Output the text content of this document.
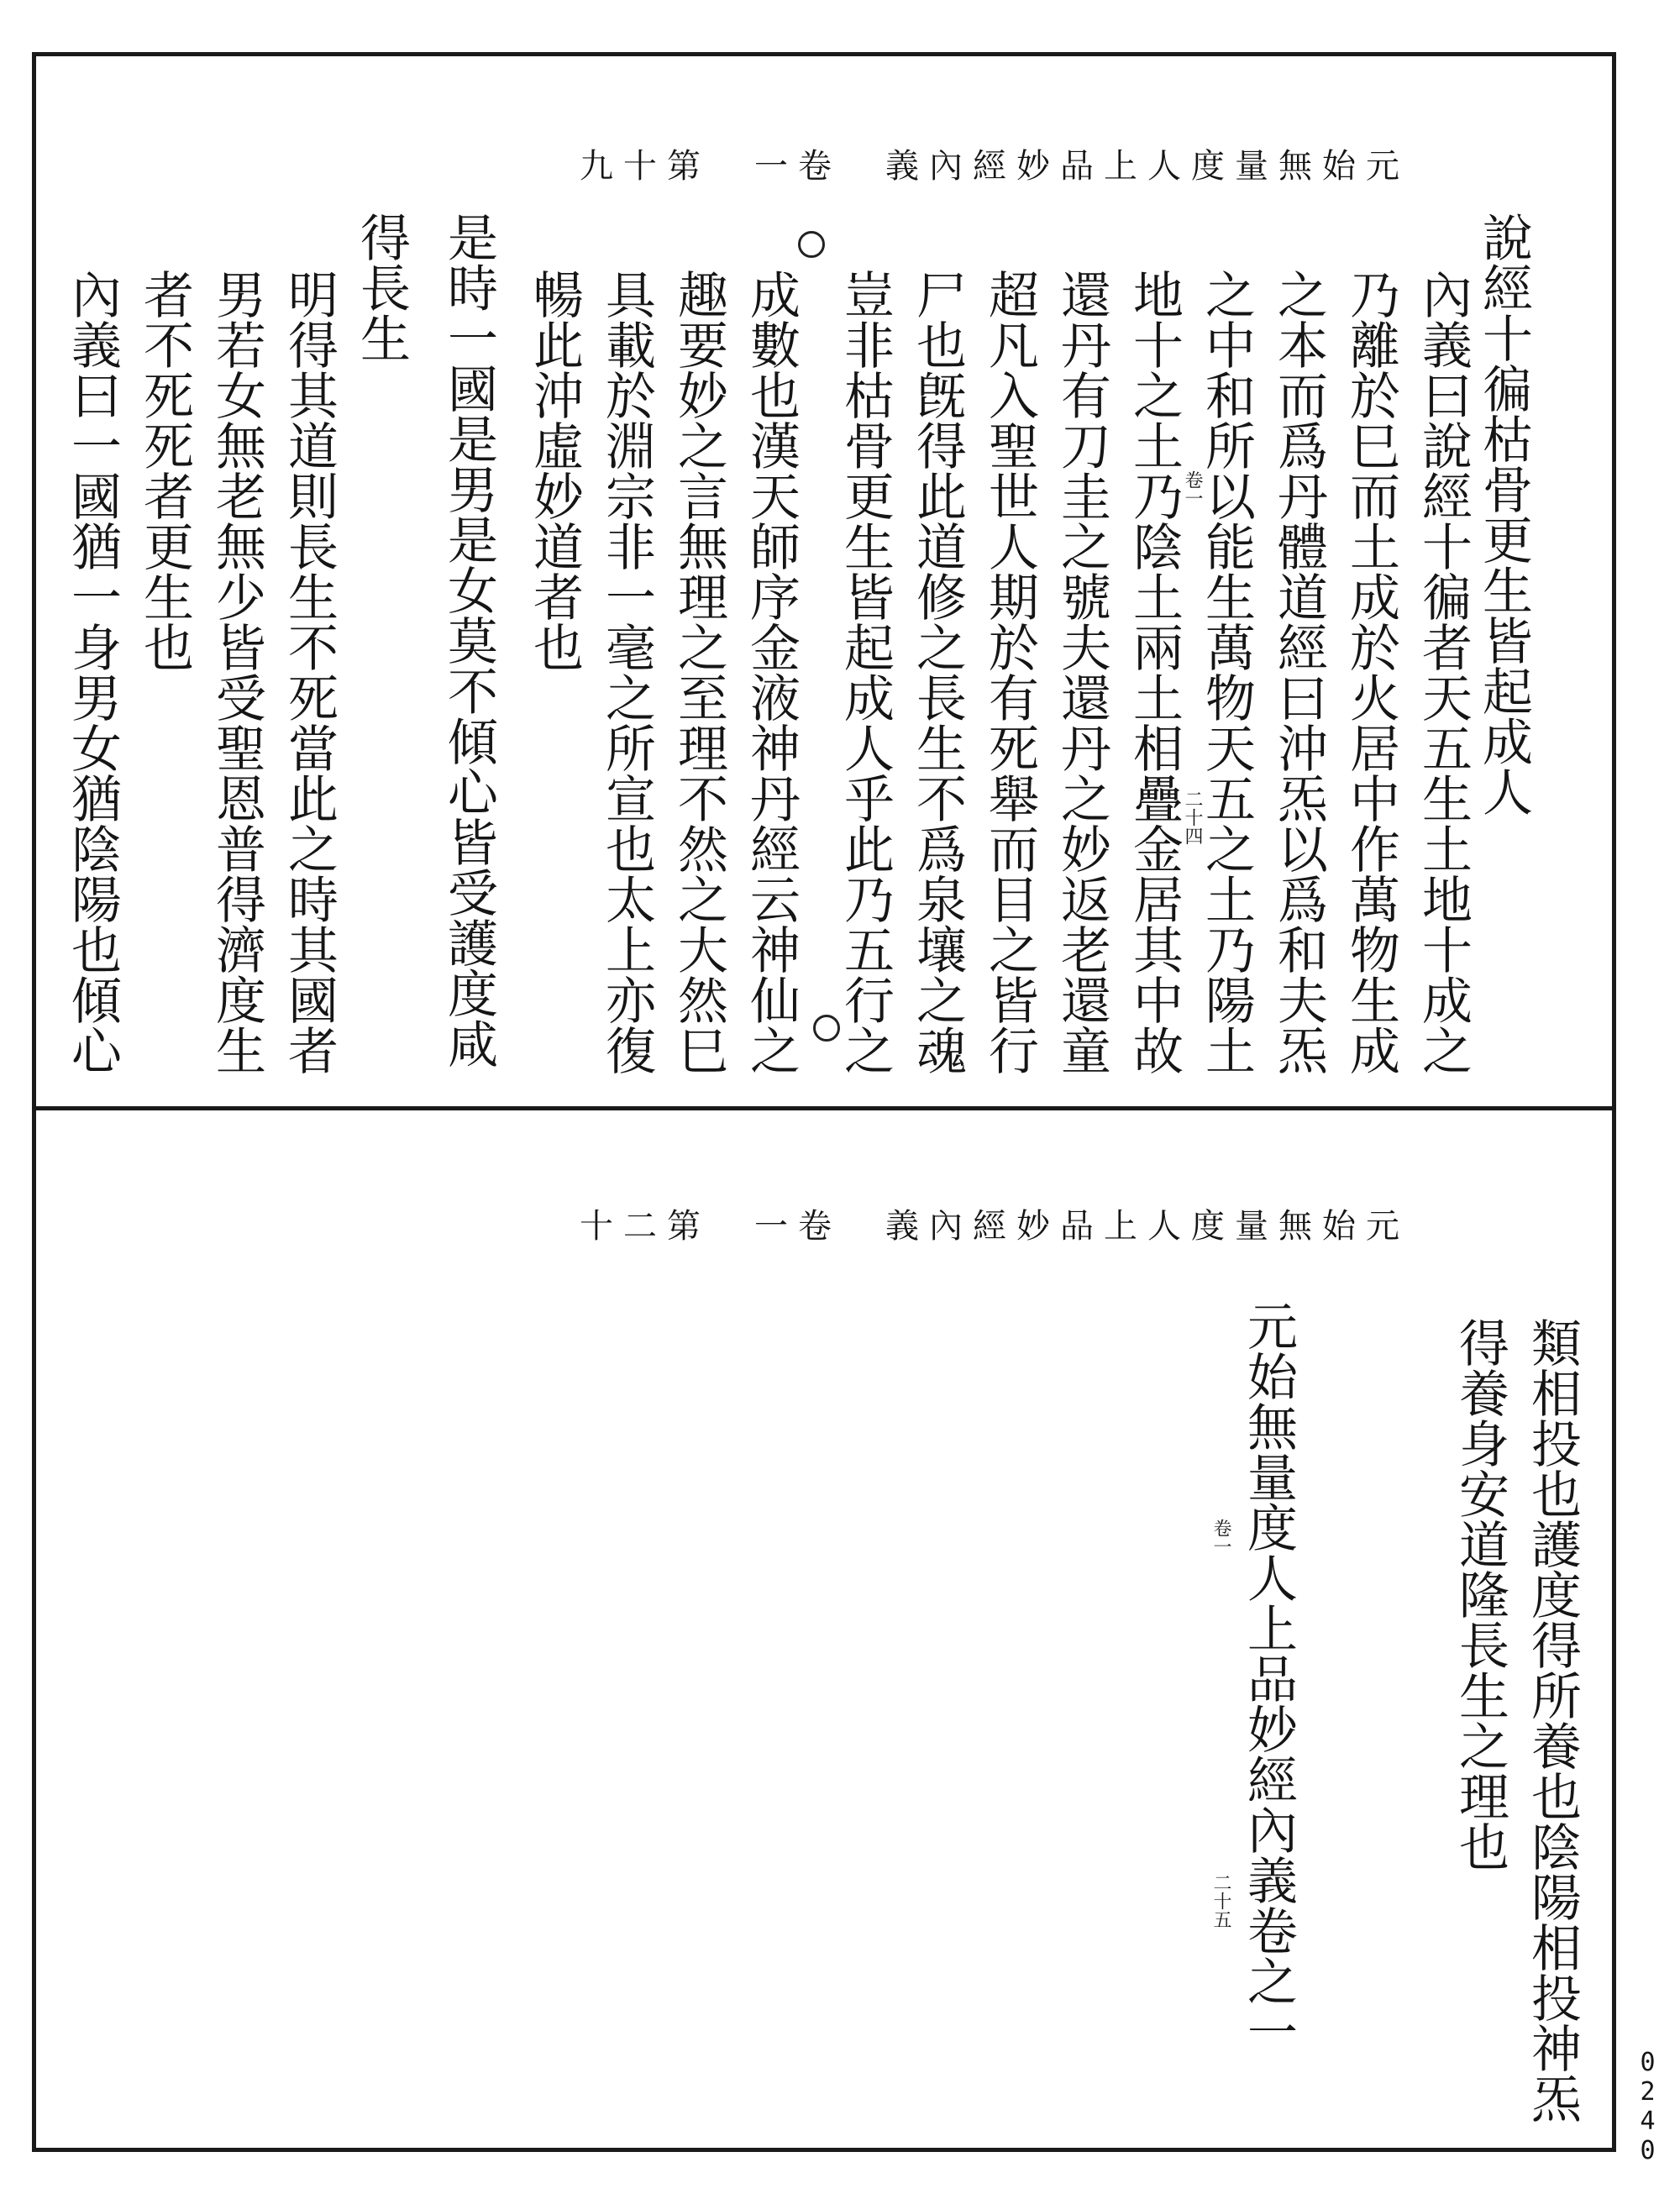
元始無量度人上品妙經內義　卷一　第十九
說經十徧枯骨更生皆起成人
內義曰說經十徧者天五生土地十成之
乃離於巳而土成於火居中作萬物生成
之本而爲丹體道經曰沖炁以爲和夫炁
之中和所以能生萬物天五之土乃陽土
地十之土乃陰土兩土相疊金居其中故
還丹有刀圭之號夫還丹之妙返老還童
超凡入聖世人期於有死舉而目之皆行
尸也旣得此道修之長生不爲泉壤之魂
豈非枯骨更生皆起成人乎此乃五行之
成數也漢天師序金液神丹經云神仙之
趣要妙之言無理之至理不然之大然巳
具載於淵宗非一毫之所宣也太上亦復
暢此沖虛妙道者也
是時一國是男是女莫不傾心皆受護度咸
得長生
明得其道則長生不死當此之時其國者
男若女無老無少皆受聖恩普得濟度生
者不死死者更生也
內義曰一國猶一身男女猶陰陽也傾心	卷一
二十四
元始無量度人上品妙經內義　卷一　第二十
類相投也護度得所養也陰陽相投神炁
得養身安道隆長生之理也
元始無量度人上品妙經內義卷之一
卷一
二十五
0240
